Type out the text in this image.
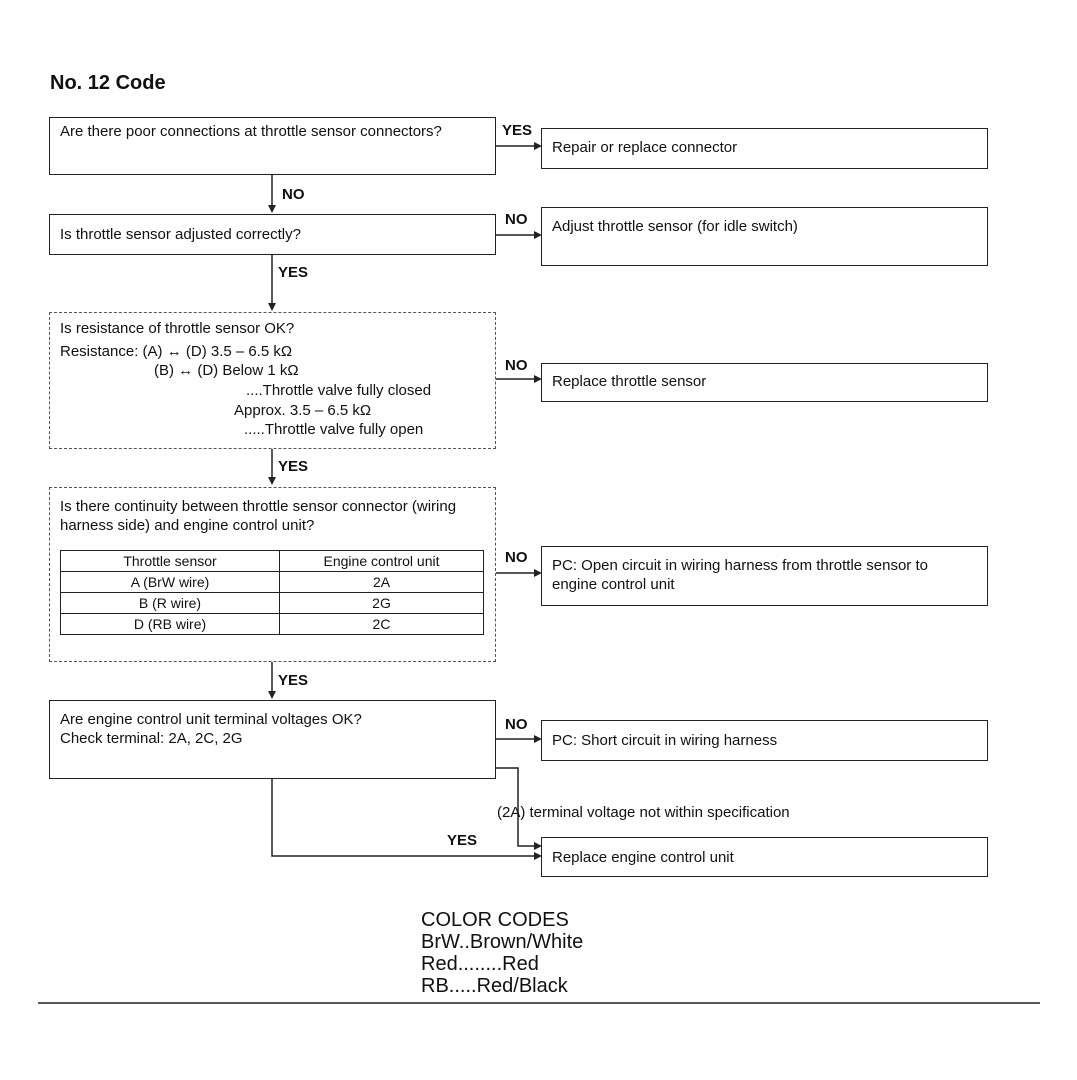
No. 12 Code
Are there poor connections at throttle sensor connectors?	YES
Repair or replace connector
NO
Is throttle sensor adjusted correctly?
NO	Adjust throttle sensor (for idle switch)
YES
Is resistance of throttle sensor OK?
Resistance: (A) ↔ (D) 3.5 – 6.5 kΩ
(B) ↔ (D) Below 1 kΩ
....Throttle valve fully closed
Approx. 3.5 – 6.5 kΩ
.....Throttle valve fully open
NO
Replace throttle sensor
YES
Is there continuity between throttle sensor connector (wiring harness side) and engine control unit?
Throttle sensor	Engine control unit
A (BrW wire)	2A
B (R wire)	2G
D (RB wire)	2C
NO	PC: Open circuit in wiring harness from throttle sensor to engine control unit
YES
Are engine control unit terminal voltages OK?
Check terminal: 2A, 2C, 2G
NO
PC: Short circuit in wiring harness
(2A) terminal voltage not within specification
YES
Replace engine control unit
COLOR CODES
BrW..Brown/White
Red........Red
RB.....Red/Black
